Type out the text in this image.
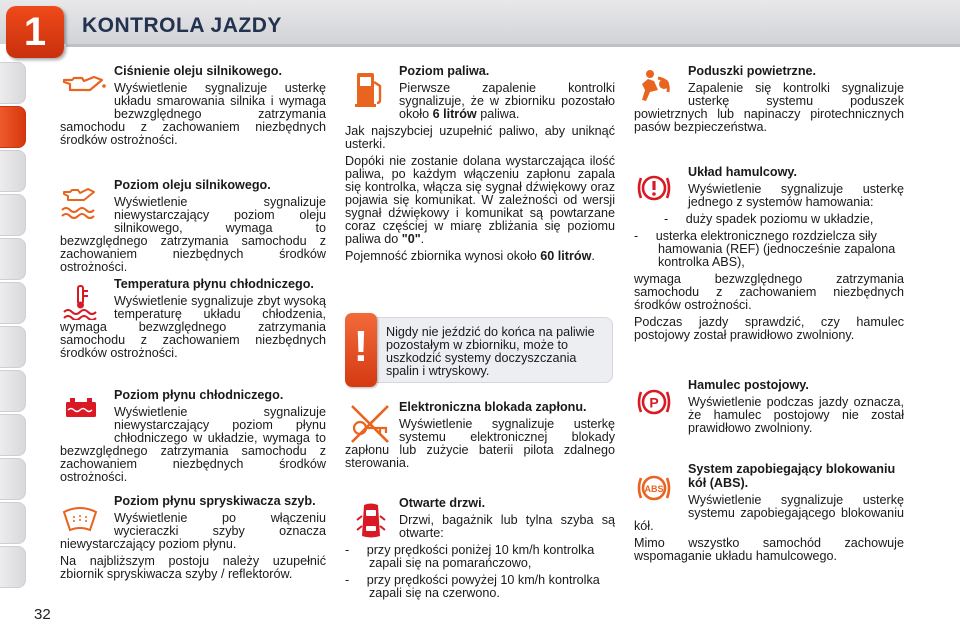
1	KONTROLA JAZDY
32
Ciśnienie oleju silnikowego.
Wyświetlenie sygnalizuje usterkę układu smarowania silnika i wymaga bezwzględnego zatrzymania samochodu z zachowaniem niezbędnych środków ostrożności.
Poziom oleju silnikowego.
Wyświetlenie sygnalizuje niewystarczający poziom oleju silnikowego, wymaga to bezwzględnego zatrzymania samochodu z zachowaniem niezbędnych środków ostrożności.
Temperatura płynu chłodniczego.
Wyświetlenie sygnalizuje zbyt wysoką temperaturę układu chłodzenia, wymaga bezwzględnego zatrzymania samochodu z zachowaniem niezbędnych środków ostrożności.
Poziom płynu chłodniczego.
Wyświetlenie sygnalizuje niewystarczający poziom płynu chłodniczego w układzie, wymaga to bezwzględnego zatrzymania samochodu z zachowaniem niezbędnych środków ostrożności.
Poziom płynu spryskiwacza szyb.
Wyświetlenie po włączeniu wycieraczki szyby oznacza niewystarczający poziom płynu.
Na najbliższym postoju należy uzupełnić zbiornik spryskiwacza szyby / reflektorów.
Poziom paliwa.
Pierwsze zapalenie kontrolki sygnalizuje, że w zbiorniku pozostało około 6 litrów paliwa.
Jak najszybciej uzupełnić paliwo, aby uniknąć usterki.
Dopóki nie zostanie dolana wystarczająca ilość paliwa, po każdym włączeniu zapłonu zapala się kontrolka, włącza się sygnał dźwiękowy oraz pojawia się komunikat. W zależności od wersji sygnał dźwiękowy i komunikat są powtarzane coraz częściej w miarę zbliżania się poziomu paliwa do "0".
Pojemność zbiornika wynosi około 60 litrów.
Nigdy nie jeździć do końca na paliwie pozostałym w zbiorniku, może to uszkodzić systemy doczyszczania spalin i wtryskowy.
!
Elektroniczna blokada zapłonu.
Wyświetlenie sygnalizuje usterkę systemu elektronicznej blokady zapłonu lub zużycie baterii pilota zdalnego sterowania.
Otwarte drzwi.
Drzwi, bagażnik lub tylna szyba są otwarte:
-     przy prędkości poniżej 10 km/h kontrolka zapali się na pomarańczowo,
-     przy prędkości powyżej 10 km/h kontrolka zapali się na czerwono.
Poduszki powietrzne.
Zapalenie się kontrolki sygnalizuje usterkę systemu poduszek powietrznych lub napinaczy pirotechnicznych pasów bezpieczeństwa.
Układ hamulcowy.
Wyświetlenie sygnalizuje usterkę jednego z systemów hamowania:
-     duży spadek poziomu w układzie,
-     usterka elektronicznego rozdzielcza siły hamowania (REF) (jednocześnie zapalona kontrolka ABS),
wymaga bezwzględnego zatrzymania samochodu z zachowaniem niezbędnych środków ostrożności.
Podczas jazdy sprawdzić, czy hamulec postojowy został prawidłowo zwolniony.
P
Hamulec postojowy.
Wyświetlenie podczas jazdy oznacza, że hamulec postojowy nie został prawidłowo zwolniony.
ABS
System zapobiegający blokowaniu kół (ABS).
Wyświetlenie sygnalizuje usterkę systemu zapobiegającego blokowaniu kół.
Mimo wszystko samochód zachowuje wspomaganie układu hamulcowego.
